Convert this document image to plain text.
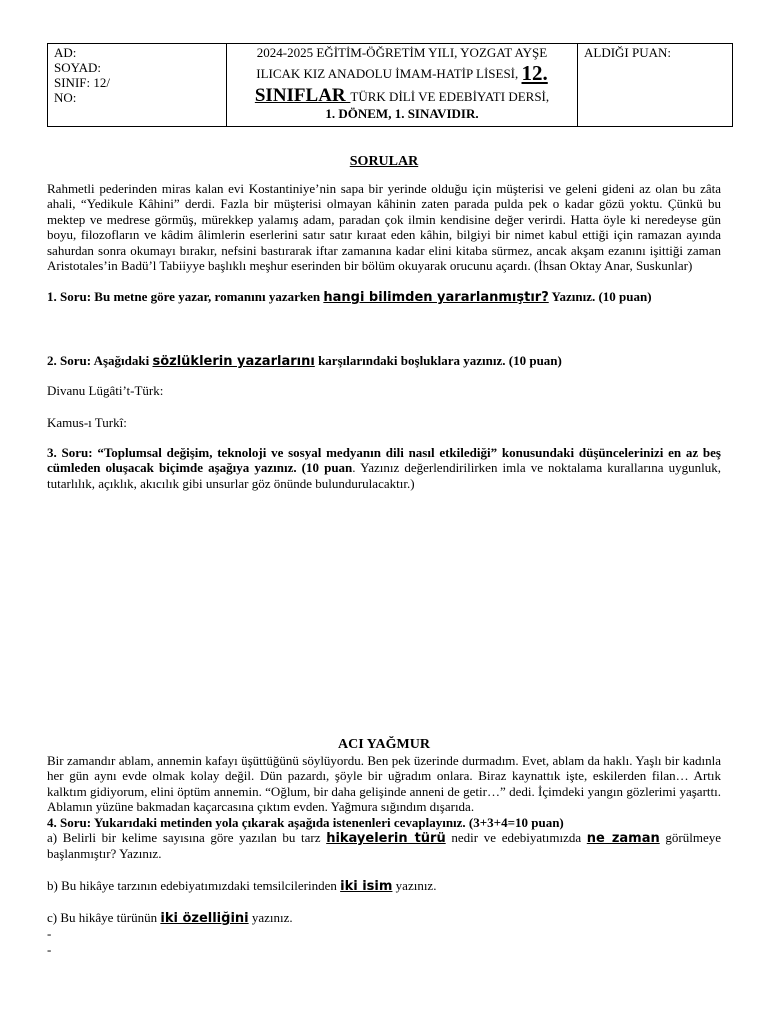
AD:
SOYAD:
SINIF: 12/
NO:

2024-2025 EĞİTİM-ÖĞRETİM YILI, YOZGAT AYŞE
ILICAK KIZ ANADOLU İMAM-HATİP LİSESİ, 12.
SINIFLAR TÜRK DİLİ VE EDEBİYATI DERSİ,
1. DÖNEM, 1. SINAVIDIR.

ALDIĞI PUAN:
SORULAR
Rahmetli pederinden miras kalan evi Kostantiniye’nin sapa bir yerinde olduğu için müşterisi ve geleni gideni az olan bu zâta ahali, “Yedikule Kâhini” derdi. Fazla bir müşterisi olmayan kâhinin zaten parada pulda pek o kadar gözü yoktu. Çünkü bu mektep ve medrese görmüş, mürekkep yalamış adam, paradan çok ilmin kendisine değer verirdi. Hatta öyle ki neredeyse gün boyu, filozofların ve kâdim âlimlerin eserlerini satır satır kıraat eden kâhin, bilgiyi bir nimet kabul ettiği için ramazan ayında sahurdan sonra okumayı bırakır, nefsini bastırarak iftar zamanına kadar elini kitaba sürmez, ancak akşam ezanını işittiği zaman Aristotales’in Badü’l Tabiiyye başlıklı meşhur eserinden bir bölüm okuyarak orucunu açardı. (İhsan Oktay Anar, Suskunlar)
1. Soru: Bu metne göre yazar, romanını yazarken hangi bilimden yararlanmıştır? Yazınız. (10 puan)
2. Soru: Aşağıdaki sözlüklerin yazarlarını karşılarındaki boşluklara yazınız. (10 puan)
Divanu Lügâti’t-Türk:
Kamus-ı Turkî:
3. Soru: “Toplumsal değişim, teknoloji ve sosyal medyanın dili nasıl etkilediği” konusundaki düşüncelerinizi en az beş cümleden oluşacak biçimde aşağıya yazınız. (10 puan. Yazınız değerlendirilirken imla ve noktalama kurallarına uygunluk, tutarlılık, açıklık, akıcılık gibi unsurlar göz önünde bulundurulacaktır.)
ACI YAĞMUR
Bir zamandır ablam, annemin kafayı üşüttüğünü söylüyordu. Ben pek üzerinde durmadım. Evet, ablam da haklı. Yaşlı bir kadınla her gün aynı evde olmak kolay değil. Dün pazardı, şöyle bir uğradım onlara. Biraz kaynattık işte, eskilerden filan… Artık kalktım gidiyorum, elini öptüm annemin. “Oğlum, bir daha gelişinde anneni de getir…” dedi. İçimdeki yangın gözlerimi yaşarttı. Ablamın yüzüne bakmadan kaçarcasına çıktım evden. Yağmura sığındım dışarıda.
4. Soru: Yukarıdaki metinden yola çıkarak aşağıda istenenleri cevaplayınız. (3+3+4=10 puan)
a) Belirli bir kelime sayısına göre yazılan bu tarz hikayelerin türü nedir ve edebiyatımızda ne zaman görülmeye başlanmıştır? Yazınız.
b) Bu hikâye tarzının edebiyatımızdaki temsilcilerinden iki isim yazınız.
c) Bu hikâye türünün iki özelliğini yazınız.
-
-
